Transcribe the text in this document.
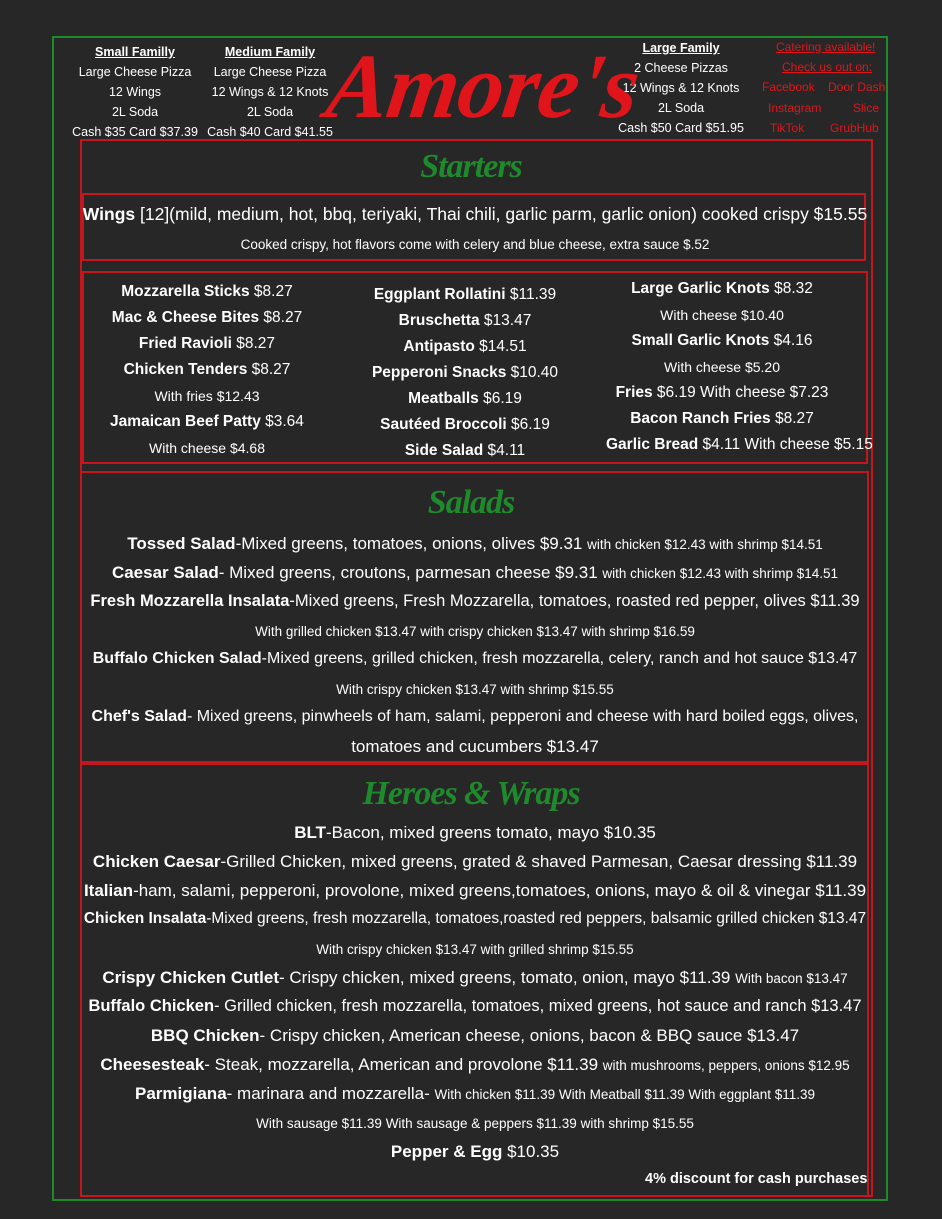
Small Familly
Large Cheese Pizza
12 Wings
2L Soda
Cash $35 Card $37.39
Medium Family
Large Cheese Pizza
12 Wings & 12 Knots
2L Soda
Cash $40 Card $41.55
Large Family
2 Cheese Pizzas
12 Wings & 12 Knots
2L Soda
Cash $50 Card $51.95
Amore's	Catering available!
Check us out on:
Facebook Door Dash
Instagram	Slice
TikTok GrubHub
Starters
Wings [12](mild, medium, hot, bbq, teriyaki, Thai chili, garlic parm, garlic onion) cooked crispy $15.55
Cooked crispy, hot flavors come with celery and blue cheese, extra sauce $.52
Mozzarella Sticks $8.27
Mac & Cheese Bites $8.27
Fried Ravioli $8.27
Chicken Tenders $8.27
With fries $12.43
Jamaican Beef Patty $3.64
With cheese $4.68
Eggplant Rollatini $11.39
Bruschetta $13.47
Antipasto $14.51
Pepperoni Snacks $10.40
Meatballs $6.19
Sautéed Broccoli $6.19
Side Salad $4.11
Large Garlic Knots $8.32
With cheese $10.40
Small Garlic Knots $4.16
With cheese $5.20
Fries $6.19 With cheese $7.23
Bacon Ranch Fries $8.27
Garlic Bread $4.11 With cheese $5.15
Salads
Tossed Salad-Mixed greens, tomatoes, onions, olives $9.31 with chicken $12.43 with shrimp $14.51
Caesar Salad- Mixed greens, croutons, parmesan cheese $9.31 with chicken $12.43 with shrimp $14.51
Fresh Mozzarella Insalata-Mixed greens, Fresh Mozzarella, tomatoes, roasted red pepper, olives $11.39
With grilled chicken $13.47 with crispy chicken $13.47 with shrimp $16.59
Buffalo Chicken Salad-Mixed greens, grilled chicken, fresh mozzarella, celery, ranch and hot sauce $13.47
With crispy chicken $13.47 with shrimp $15.55
Chef's Salad- Mixed greens, pinwheels of ham, salami, pepperoni and cheese with hard boiled eggs, olives,
tomatoes and cucumbers $13.47
Heroes & Wraps
BLT-Bacon, mixed greens tomato, mayo $10.35
Chicken Caesar-Grilled Chicken, mixed greens, grated & shaved Parmesan, Caesar dressing $11.39
Italian-ham, salami, pepperoni, provolone, mixed greens,tomatoes, onions, mayo & oil & vinegar $11.39
Chicken Insalata-Mixed greens, fresh mozzarella, tomatoes,roasted red peppers, balsamic grilled chicken $13.47
With crispy chicken $13.47 with grilled shrimp $15.55
Crispy Chicken Cutlet- Crispy chicken, mixed greens, tomato, onion, mayo $11.39 With bacon $13.47
Buffalo Chicken- Grilled chicken, fresh mozzarella, tomatoes, mixed greens, hot sauce and ranch $13.47
BBQ Chicken- Crispy chicken, American cheese, onions, bacon & BBQ sauce $13.47
Cheesesteak- Steak, mozzarella, American and provolone $11.39 with mushrooms, peppers, onions $12.95
Parmigiana- marinara and mozzarella- With chicken $11.39 With Meatball $11.39 With eggplant $11.39
With sausage $11.39 With sausage & peppers $11.39 with shrimp $15.55
Pepper & Egg $10.35
4% discount for cash purchases
